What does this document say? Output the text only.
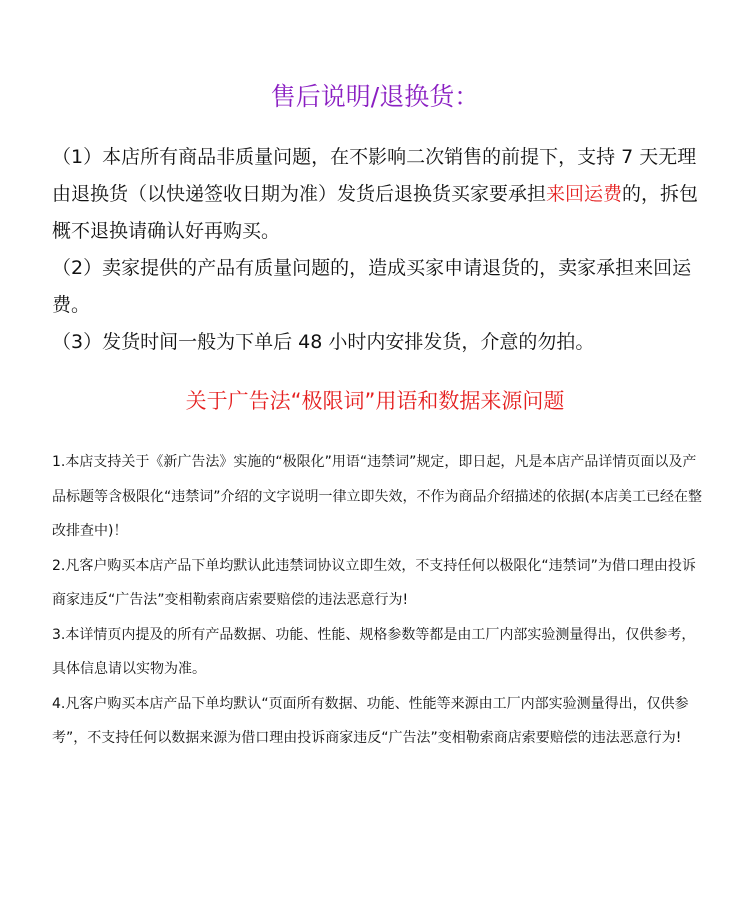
售后说明/退换货：

（1）本店所有商品非质量问题，在不影响二次销售的前提下，支持 7 天无理由退换货（以快递签收日期为准）发货后退换货买家要承担来回运费的，拆包概不退换请确认好再购买。

（2）卖家提供的产品有质量问题的，造成买家申请退货的，卖家承担来回运费。

（3）发货时间一般为下单后 48 小时内安排发货，介意的勿拍。

关于广告法“极限词”用语和数据来源问题

1.本店支持关于《新广告法》实施的“极限化”用语“违禁词”规定，即日起，凡是本店产品详情页面以及产品标题等含极限化“违禁词”介绍的文字说明一律立即失效，不作为商品介绍描述的依据(本店美工已经在整改排查中)！

2.凡客户购买本店产品下单均默认此违禁词协议立即生效，不支持任何以极限化“违禁词”为借口理由投诉商家违反“广告法”变相勒索商店索要赔偿的违法恶意行为!

3.本详情页内提及的所有产品数据、功能、性能、规格参数等都是由工厂内部实验测量得出，仅供参考，具体信息请以实物为准。

4.凡客户购买本店产品下单均默认“页面所有数据、功能、性能等来源由工厂内部实验测量得出，仅供参考”，不支持任何以数据来源为借口理由投诉商家违反“广告法”变相勒索商店索要赔偿的违法恶意行为!
